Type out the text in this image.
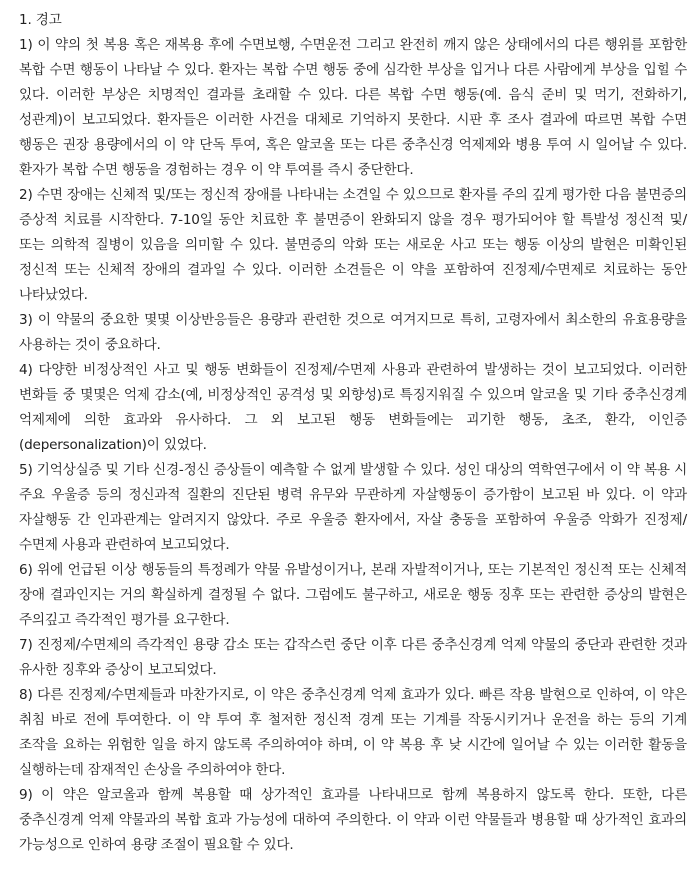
1. 경고

1) 이 약의 첫 복용 혹은 재복용 후에 수면보행, 수면운전 그리고 완전히 깨지 않은 상태에서의 다른 행위를 포함한 복합 수면 행동이 나타날 수 있다. 환자는 복합 수면 행동 중에 심각한 부상을 입거나 다른 사람에게 부상을 입힐 수 있다. 이러한 부상은 치명적인 결과를 초래할 수 있다. 다른 복합 수면 행동(예. 음식 준비 및 먹기, 전화하기, 성관계)이 보고되었다. 환자들은 이러한 사건을 대체로 기억하지 못한다. 시판 후 조사 결과에 따르면 복합 수면 행동은 권장 용량에서의 이 약 단독 투여, 혹은 알코올 또는 다른 중추신경 억제제와 병용 투여 시 일어날 수 있다. 환자가 복합 수면 행동을 경험하는 경우 이 약 투여를 즉시 중단한다.

2) 수면 장애는 신체적 및/또는 정신적 장애를 나타내는 소견일 수 있으므로 환자를 주의 깊게 평가한 다음 불면증의 증상적 치료를 시작한다. 7-10일 동안 치료한 후 불면증이 완화되지 않을 경우 평가되어야 할 특발성 정신적 및/또는 의학적 질병이 있음을 의미할 수 있다. 불면증의 악화 또는 새로운 사고 또는 행동 이상의 발현은 미확인된 정신적 또는 신체적 장애의 결과일 수 있다. 이러한 소견들은 이 약을 포함하여 진정제/수면제로 치료하는 동안 나타났었다.

3) 이 약물의 중요한 몇몇 이상반응들은 용량과 관련한 것으로 여겨지므로 특히, 고령자에서 최소한의 유효용량을 사용하는 것이 중요하다.

4) 다양한 비정상적인 사고 및 행동 변화들이 진정제/수면제 사용과 관련하여 발생하는 것이 보고되었다. 이러한 변화들 중 몇몇은 억제 감소(예, 비정상적인 공격성 및 외향성)로 특징지워질 수 있으며 알코올 및 기타 중추신경계 억제제에 의한 효과와 유사하다. 그 외 보고된 행동 변화들에는 괴기한 행동, 초조, 환각, 이인증(depersonalization)이 있었다.

5) 기억상실증 및 기타 신경-정신 증상들이 예측할 수 없게 발생할 수 있다. 성인 대상의 역학연구에서 이 약 복용 시 주요 우울증 등의 정신과적 질환의 진단된 병력 유무와 무관하게 자살행동이 증가함이 보고된 바 있다. 이 약과 자살행동 간 인과관계는 알려지지 않았다. 주로 우울증 환자에서, 자살 충동을 포함하여 우울증 악화가 진정제/수면제 사용과 관련하여 보고되었다.

6) 위에 언급된 이상 행동들의 특정례가 약물 유발성이거나, 본래 자발적이거나, 또는 기본적인 정신적 또는 신체적 장애 결과인지는 거의 확실하게 결정될 수 없다. 그럼에도 불구하고, 새로운 행동 징후 또는 관련한 증상의 발현은 주의깊고 즉각적인 평가를 요구한다.

7) 진정제/수면제의 즉각적인 용량 감소 또는 갑작스런 중단 이후 다른 중추신경계 억제 약물의 중단과 관련한 것과 유사한 징후와 증상이 보고되었다.

8) 다른 진정제/수면제들과 마찬가지로, 이 약은 중추신경계 억제 효과가 있다. 빠른 작용 발현으로 인하여, 이 약은 취침 바로 전에 투여한다. 이 약 투여 후 철저한 정신적 경계 또는 기계를 작동시키거나 운전을 하는 등의 기계 조작을 요하는 위험한 일을 하지 않도록 주의하여야 하며, 이 약 복용 후 낮 시간에 일어날 수 있는 이러한 활동을 실행하는데 잠재적인 손상을 주의하여야 한다.

9) 이 약은 알코올과 함께 복용할 때 상가적인 효과를 나타내므로 함께 복용하지 않도록 한다. 또한, 다른 중추신경계 억제 약물과의 복합 효과 가능성에 대하여 주의한다. 이 약과 이런 약물들과 병용할 때 상가적인 효과의 가능성으로 인하여 용량 조절이 필요할 수 있다.
